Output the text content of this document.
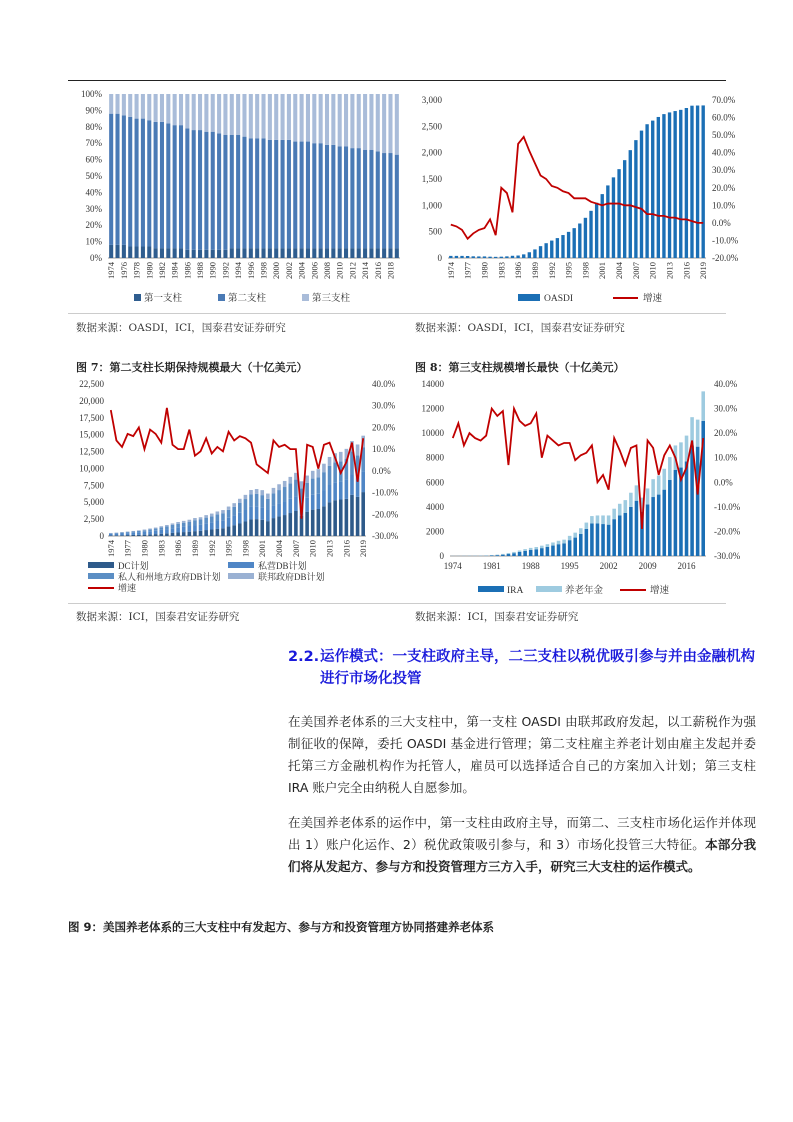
0%
10%
20%
30%
40%
50%
60%
70%
80%
90%
100%
1974 1976 1978 1980 1982 1984 1986 1988 1990 1992 1994 1996 1998 2000 2002 2004 2006 2008 2010 2012 2014 2016 2018
第一支柱	第二支柱	第三支柱
数据来源：OASDI，ICI，国泰君安证券研究
0
500
1,000
1,500
2,000
2,500
3,000
-20.0%
-10.0%
0.0%
10.0%
20.0%
30.0%
40.0%
50.0%
60.0%
70.0%
1974 1977 1980 1983 1986 1989 1992 1995 1998 2001 2004 2007 2010 2013 2016 2019
OASDI	增速
数据来源：OASDI，ICI，国泰君安证券研究
图 7：第二支柱长期保持规模最大（十亿美元）	图 8：第三支柱规模增长最快（十亿美元）
0
2,500
5,000
7,500
10,000
12,500
15,000
17,500
20,000
22,500
-30.0%
-20.0%
-10.0%
0.0%
10.0%
20.0%
30.0%
40.0%
1974 1977 1980 1983 1986 1989 1992 1995 1998 2001 2004 2007 2010 2013 2016 2019
DC计划	私营DB计划
私人和州地方政府DB计划	联邦政府DB计划
增速
数据来源：ICI，国泰君安证券研究
0
2000
4000
6000
8000
10000
12000
14000
-30.0%
-20.0%
-10.0%
0.0%
10.0%
20.0%
30.0%
40.0%
1974 1981 1988 1995 2002 2009 2016
IRA	养老年金	增速
数据来源：ICI，国泰君安证券研究
2.2. 运作模式：一支柱政府主导，二三支柱以税优吸引参与并由金融机构进行市场化投管
在美国养老体系的三大支柱中，第一支柱 OASDI 由联邦政府发起，以工薪税作为强制征收的保障，委托 OASDI 基金进行管理；第二支柱雇主养老计划由雇主发起并委托第三方金融机构作为托管人，雇员可以选择适合自己的方案加入计划；第三支柱 IRA 账户完全由纳税人自愿参加。
在美国养老体系的运作中，第一支柱由政府主导，而第二、三支柱市场化运作并体现出 1）账户化运作、2）税优政策吸引参与，和 3）市场化投管三大特征。本部分我们将从发起方、参与方和投资管理方三方入手，研究三大支柱的运作模式。
图 9：美国养老体系的三大支柱中有发起方、参与方和投资管理方协同搭建养老体系
